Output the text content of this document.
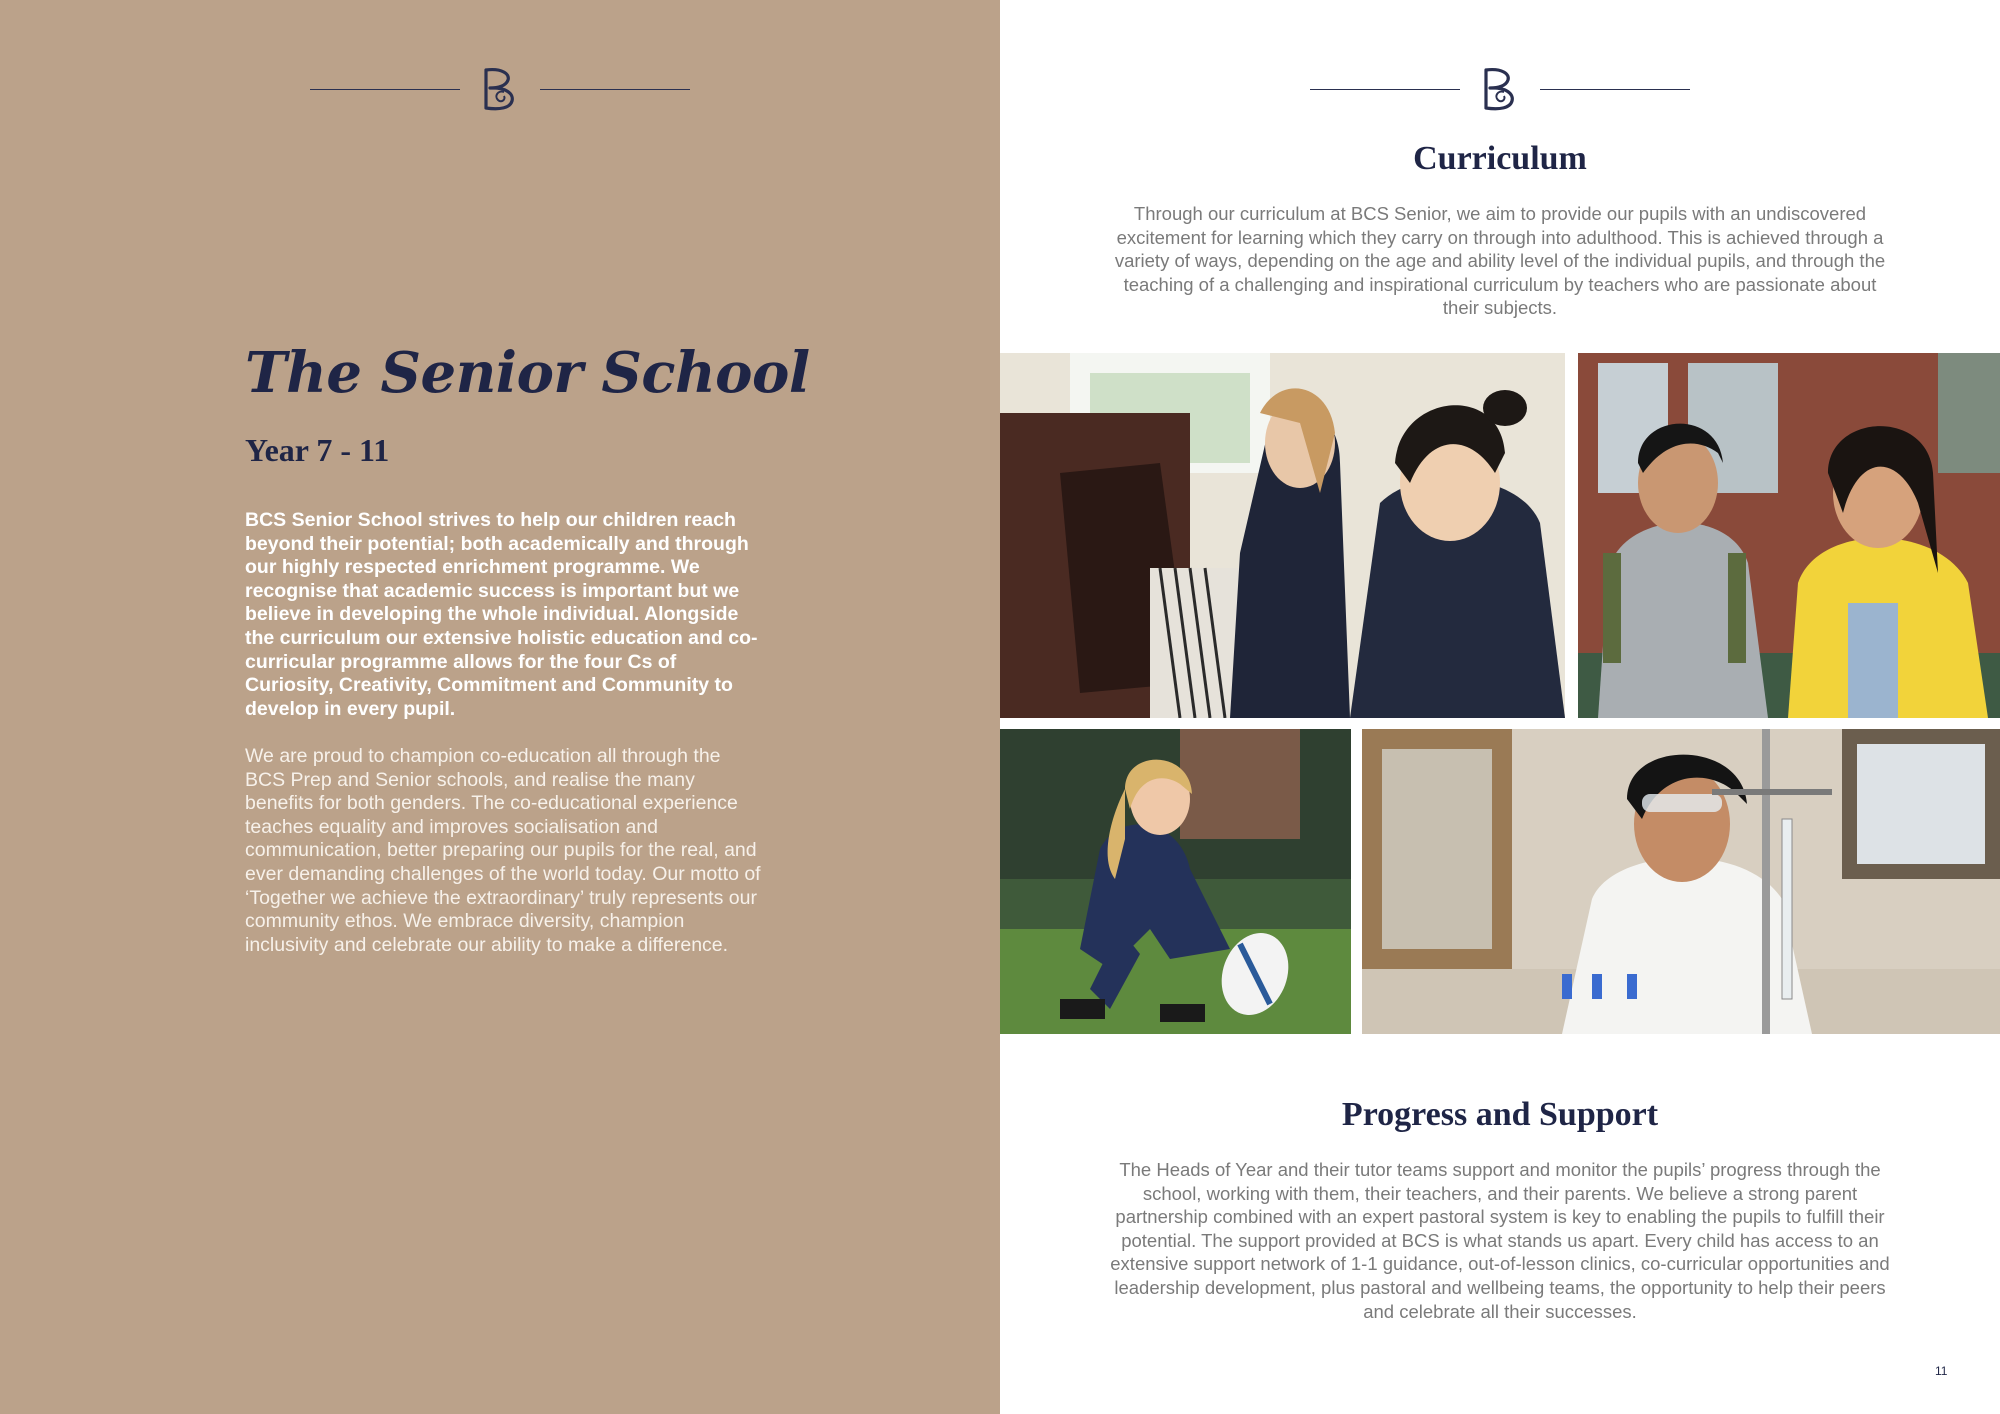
The Senior School
Year 7 - 11

BCS Senior School strives to help our children reach beyond their potential; both academically and through our highly respected enrichment programme. We recognise that academic success is important but we believe in developing the whole individual. Alongside the curriculum our extensive holistic education and co-curricular programme allows for the four Cs of Curiosity, Creativity, Commitment and Community to develop in every pupil.

We are proud to champion co-education all through the BCS Prep and Senior schools, and realise the many benefits for both genders. The co-educational experience teaches equality and improves socialisation and communication, better preparing our pupils for the real, and ever demanding challenges of the world today. Our motto of ‘Together we achieve the extraordinary’ truly represents our community ethos. We embrace diversity, champion inclusivity and celebrate our ability to make a difference.

Curriculum

Through our curriculum at BCS Senior, we aim to provide our pupils with an undiscovered excitement for learning which they carry on through into adulthood. This is achieved through a variety of ways, depending on the age and ability level of the individual pupils, and through the teaching of a challenging and inspirational curriculum by teachers who are passionate about their subjects.

Progress and Support

The Heads of Year and their tutor teams support and monitor the pupils’ progress through the school, working with them, their teachers, and their parents. We believe a strong parent partnership combined with an expert pastoral system is key to enabling the pupils to fulfill their potential. The support provided at BCS is what stands us apart. Every child has access to an extensive support network of 1-1 guidance, out-of-lesson clinics, co-curricular opportunities and leadership development, plus pastoral and wellbeing teams, the opportunity to help their peers and celebrate all their successes.

11
